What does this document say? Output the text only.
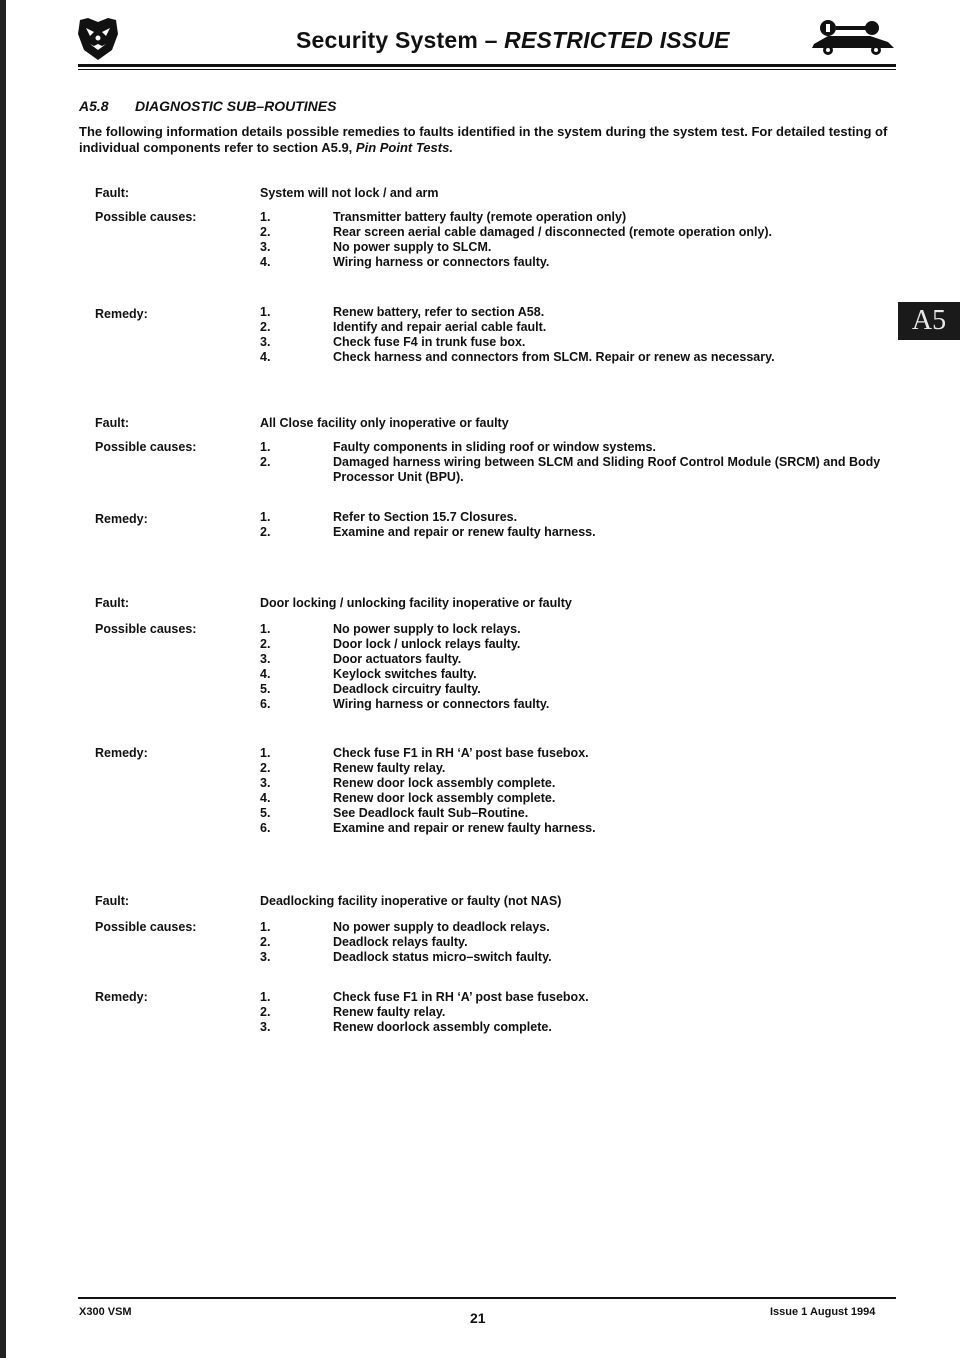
Security System – RESTRICTED ISSUE
A5.8 DIAGNOSTIC SUB–ROUTINES
The following information details possible remedies to faults identified in the system during the system test. For detailed testing of individual components refer to section A5.9, Pin Point Tests.
A5
Fault:	System will not lock / and arm
Possible causes:	1.	Transmitter battery faulty (remote operation only)
2.	Rear screen aerial cable damaged / disconnected (remote operation only).
3.	No power supply to SLCM.
4.	Wiring harness or connectors faulty.
Remedy:	1.	Renew battery, refer to section A58.
2.	Identify and repair aerial cable fault.
3.	Check fuse F4 in trunk fuse box.
4.	Check harness and connectors from SLCM. Repair or renew as necessary.
Fault:	All Close facility only inoperative or faulty
Possible causes:	1.	Faulty components in sliding roof or window systems.
2.	Damaged harness wiring between SLCM and Sliding Roof Control Module (SRCM) and Body Processor Unit (BPU).
Remedy:	1.	Refer to Section 15.7 Closures.
2.	Examine and repair or renew faulty harness.
Fault:	Door locking / unlocking facility inoperative or faulty
Possible causes:	1.	No power supply to lock relays.
2.	Door lock / unlock relays faulty.
3.	Door actuators faulty.
4.	Keylock switches faulty.
5.	Deadlock circuitry faulty.
6.	Wiring harness or connectors faulty.
Remedy:	1.	Check fuse F1 in RH ‘A’ post base fusebox.
2.	Renew faulty relay.
3.	Renew door lock assembly complete.
4.	Renew door lock assembly complete.
5.	See Deadlock fault Sub–Routine.
6.	Examine and repair or renew faulty harness.
Fault:	Deadlocking facility inoperative or faulty (not NAS)
Possible causes:	1.	No power supply to deadlock relays.
2.	Deadlock relays faulty.
3.	Deadlock status micro–switch faulty.
Remedy:	1.	Check fuse F1 in RH ‘A’ post base fusebox.
2.	Renew faulty relay.
3.	Renew doorlock assembly complete.
X300 VSM	21	Issue 1 August 1994
